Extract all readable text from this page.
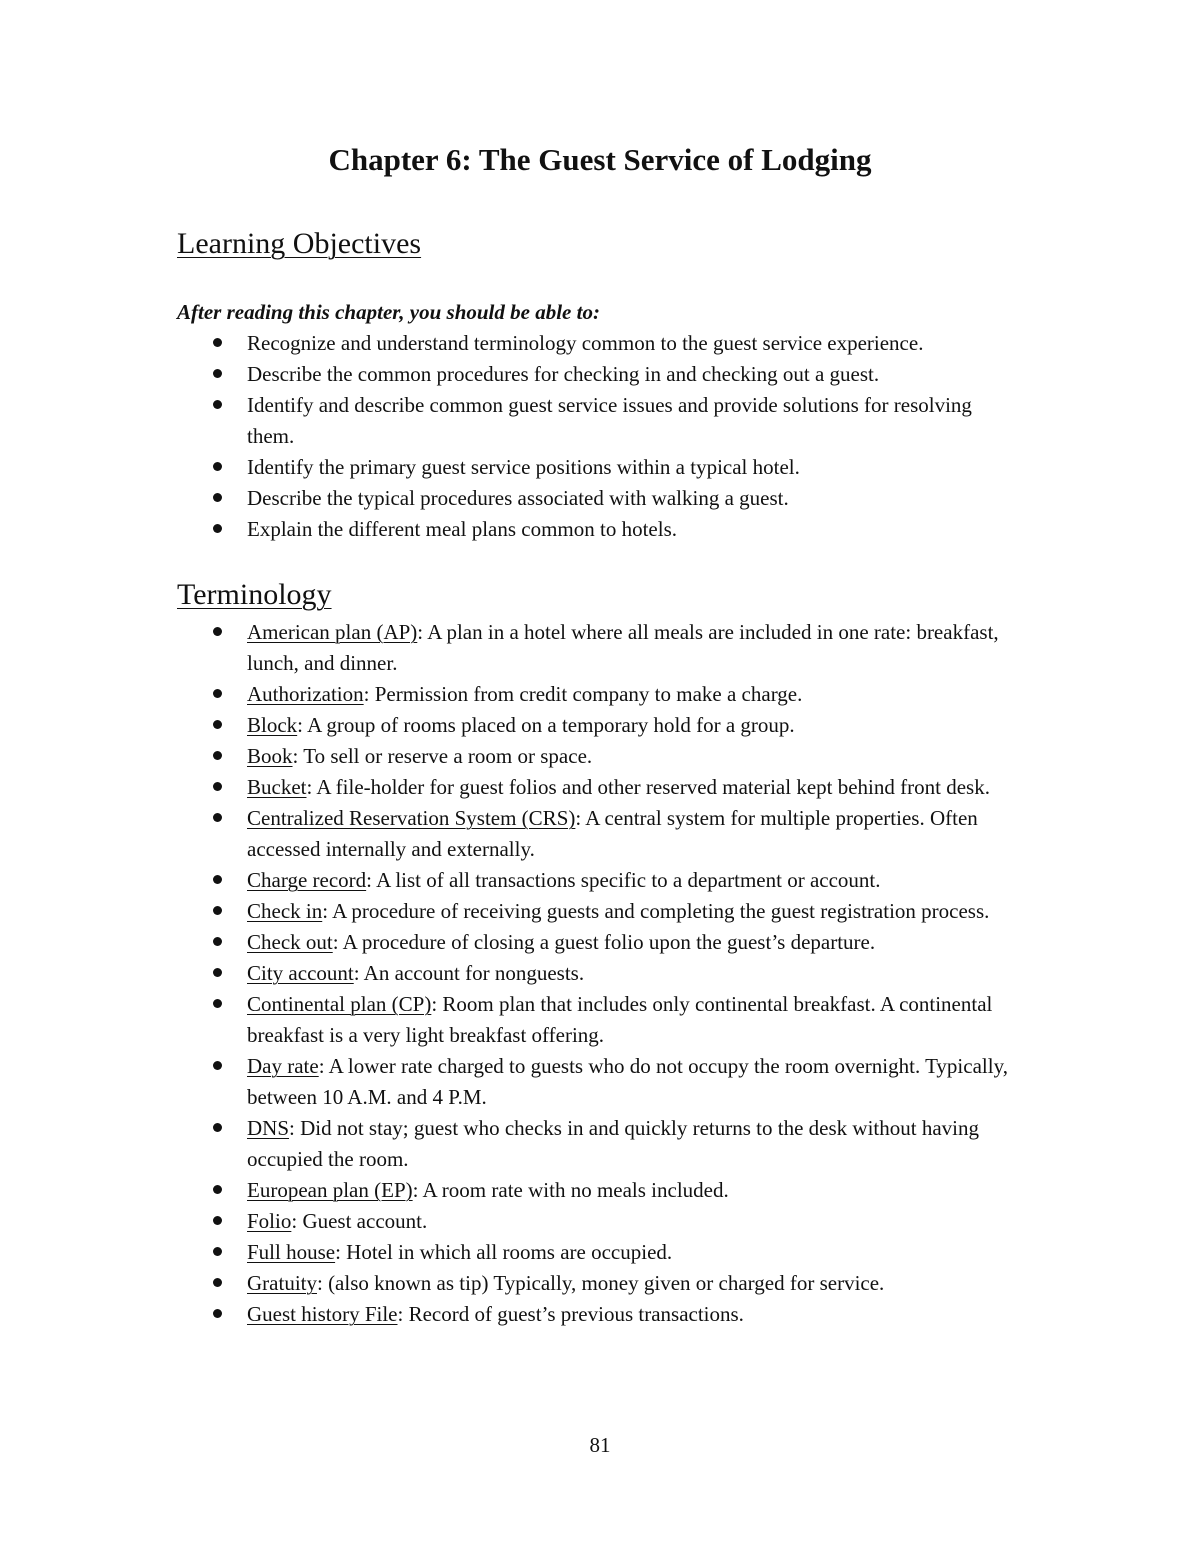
Chapter 6: The Guest Service of Lodging
Learning Objectives

After reading this chapter, you should be able to:

Recognize and understand terminology common to the guest service experience.
Describe the common procedures for checking in and checking out a guest.
Identify and describe common guest service issues and provide solutions for resolving them.
Identify the primary guest service positions within a typical hotel.
Describe the typical procedures associated with walking a guest.
Explain the different meal plans common to hotels.
Terminology
American plan (AP): A plan in a hotel where all meals are included in one rate: breakfast, lunch, and dinner.
Authorization: Permission from credit company to make a charge.
Block: A group of rooms placed on a temporary hold for a group.
Book: To sell or reserve a room or space.
Bucket: A file-holder for guest folios and other reserved material kept behind front desk.
Centralized Reservation System (CRS): A central system for multiple properties. Often accessed internally and externally.
Charge record: A list of all transactions specific to a department or account.
Check in: A procedure of receiving guests and completing the guest registration process.
Check out: A procedure of closing a guest folio upon the guest’s departure.
City account: An account for nonguests.
Continental plan (CP): Room plan that includes only continental breakfast. A continental breakfast is a very light breakfast offering.
Day rate: A lower rate charged to guests who do not occupy the room overnight. Typically, between 10 A.M. and 4 P.M.
DNS: Did not stay; guest who checks in and quickly returns to the desk without having occupied the room.
European plan (EP): A room rate with no meals included.
Folio: Guest account.
Full house: Hotel in which all rooms are occupied.
Gratuity: (also known as tip) Typically, money given or charged for service.
Guest history File: Record of guest’s previous transactions.
81
